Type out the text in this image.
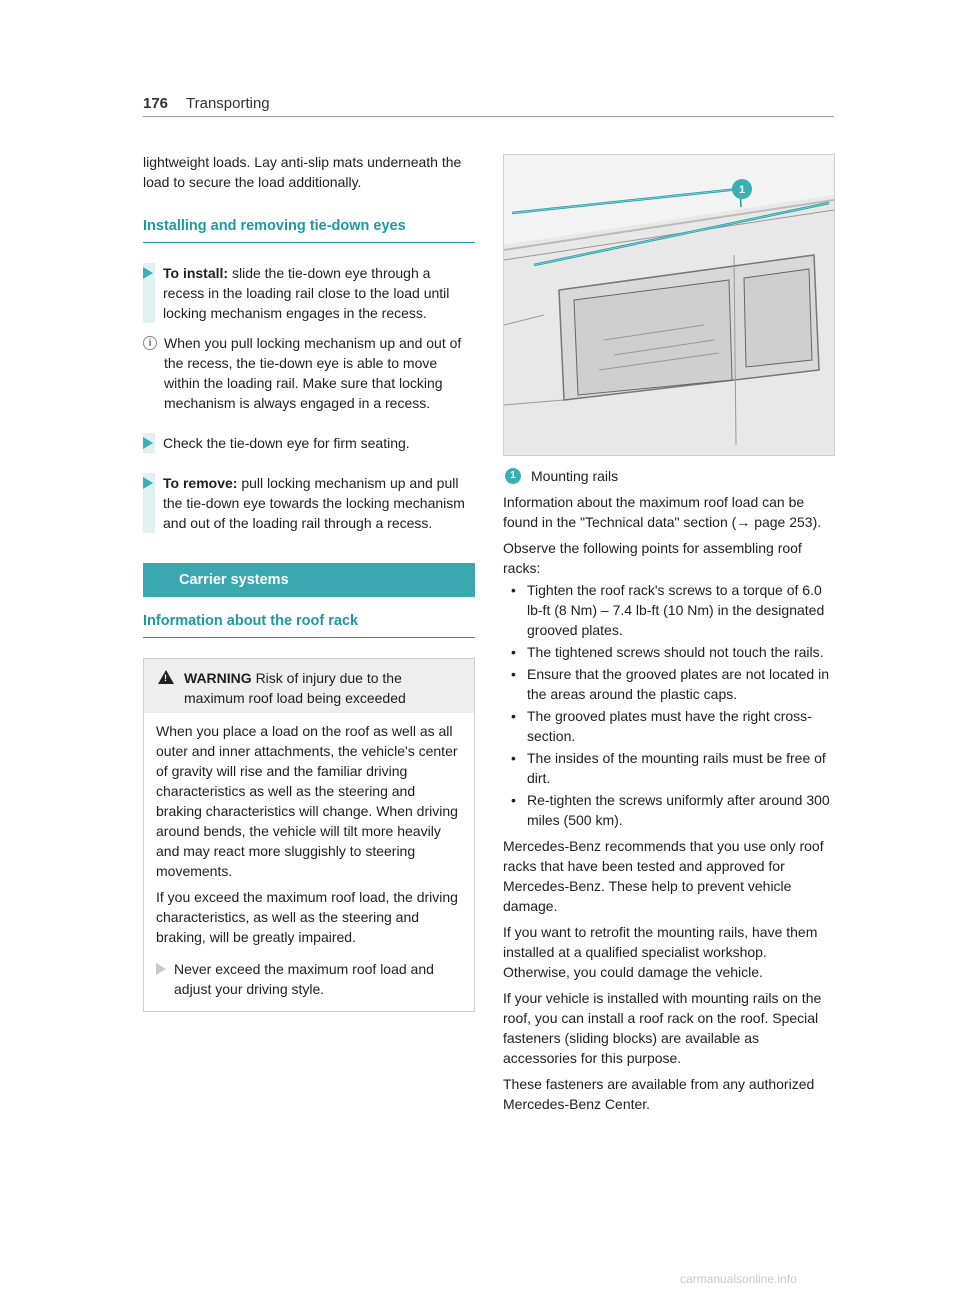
176 Transporting

lightweight loads. Lay anti-slip mats underneath the load to secure the load additionally.

Installing and removing tie-down eyes

To install: slide the tie-down eye through a recess in the loading rail close to the load until locking mechanism engages in the recess.

i When you pull locking mechanism up and out of the recess, the tie-down eye is able to move within the loading rail. Make sure that locking mechanism is always engaged in a recess.

Check the tie-down eye for firm seating.

To remove: pull locking mechanism up and pull the tie-down eye towards the locking mechanism and out of the loading rail through a recess.

Carrier systems
Information about the roof rack
! WARNING Risk of injury due to the maximum roof load being exceeded

When you place a load on the roof as well as all outer and inner attachments, the vehicle's center of gravity will rise and the familiar driving characteristics as well as the steering and braking characteristics will change. When driving around bends, the vehicle will tilt more heavily and may react more sluggishly to steering movements.

If you exceed the maximum roof load, the driving characteristics, as well as the steering and braking, will be greatly impaired.

Never exceed the maximum roof load and adjust your driving style.

1
1	Mounting rails

Information about the maximum roof load can be found in the "Technical data" section (→ page 253).

Observe the following points for assembling roof racks:

• Tighten the roof rack's screws to a torque of 6.0 lb-ft (8 Nm) – 7.4 lb-ft (10 Nm) in the designated grooved plates.
• The tightened screws should not touch the rails.
• Ensure that the grooved plates are not located in the areas around the plastic caps.
• The grooved plates must have the right cross-section.
• The insides of the mounting rails must be free of dirt.
• Re-tighten the screws uniformly after around 300 miles (500 km).

Mercedes-Benz recommends that you use only roof racks that have been tested and approved for Mercedes-Benz. These help to prevent vehicle damage.

If you want to retrofit the mounting rails, have them installed at a qualified specialist workshop. Otherwise, you could damage the vehicle.

If your vehicle is installed with mounting rails on the roof, you can install a roof rack on the roof. Special fasteners (sliding blocks) are available as accessories for this purpose.

These fasteners are available from any authorized Mercedes-Benz Center.

carmanualsonline.info
